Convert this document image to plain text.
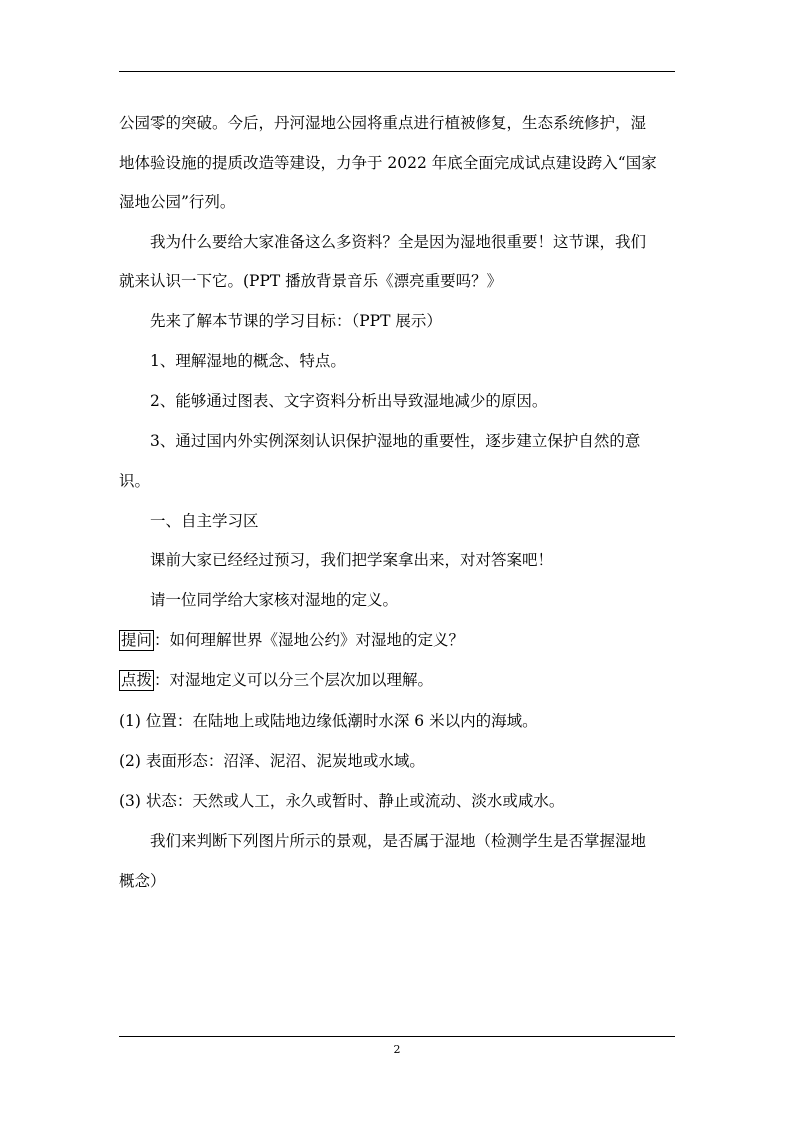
公园零的突破。今后，丹河湿地公园将重点进行植被修复，生态系统修护，湿
地体验设施的提质改造等建设，力争于 2022 年底全面完成试点建设跨入“国家
湿地公园”行列。
我为什么要给大家准备这么多资料？全是因为湿地很重要！这节课，我们
就来认识一下它。(PPT 播放背景音乐《漂亮重要吗？》
先来了解本节课的学习目标：（PPT 展示）
1、理解湿地的概念、特点。
2、能够通过图表、文字资料分析出导致湿地减少的原因。
3、通过国内外实例深刻认识保护湿地的重要性，逐步建立保护自然的意
识。
一、自主学习区
课前大家已经经过预习，我们把学案拿出来，对对答案吧！
请一位同学给大家核对湿地的定义。
提问 ：如何理解世界《湿地公约》对湿地的定义？
点拨 ：对湿地定义可以分三个层次加以理解。
(1) 位置：在陆地上或陆地边缘低潮时水深 6 米以内的海域。
(2) 表面形态：沼泽、泥沼、泥炭地或水域。
(3) 状态：天然或人工，永久或暂时、静止或流动、淡水或咸水。
我们来判断下列图片所示的景观，是否属于湿地（检测学生是否掌握湿地
概念）
2
